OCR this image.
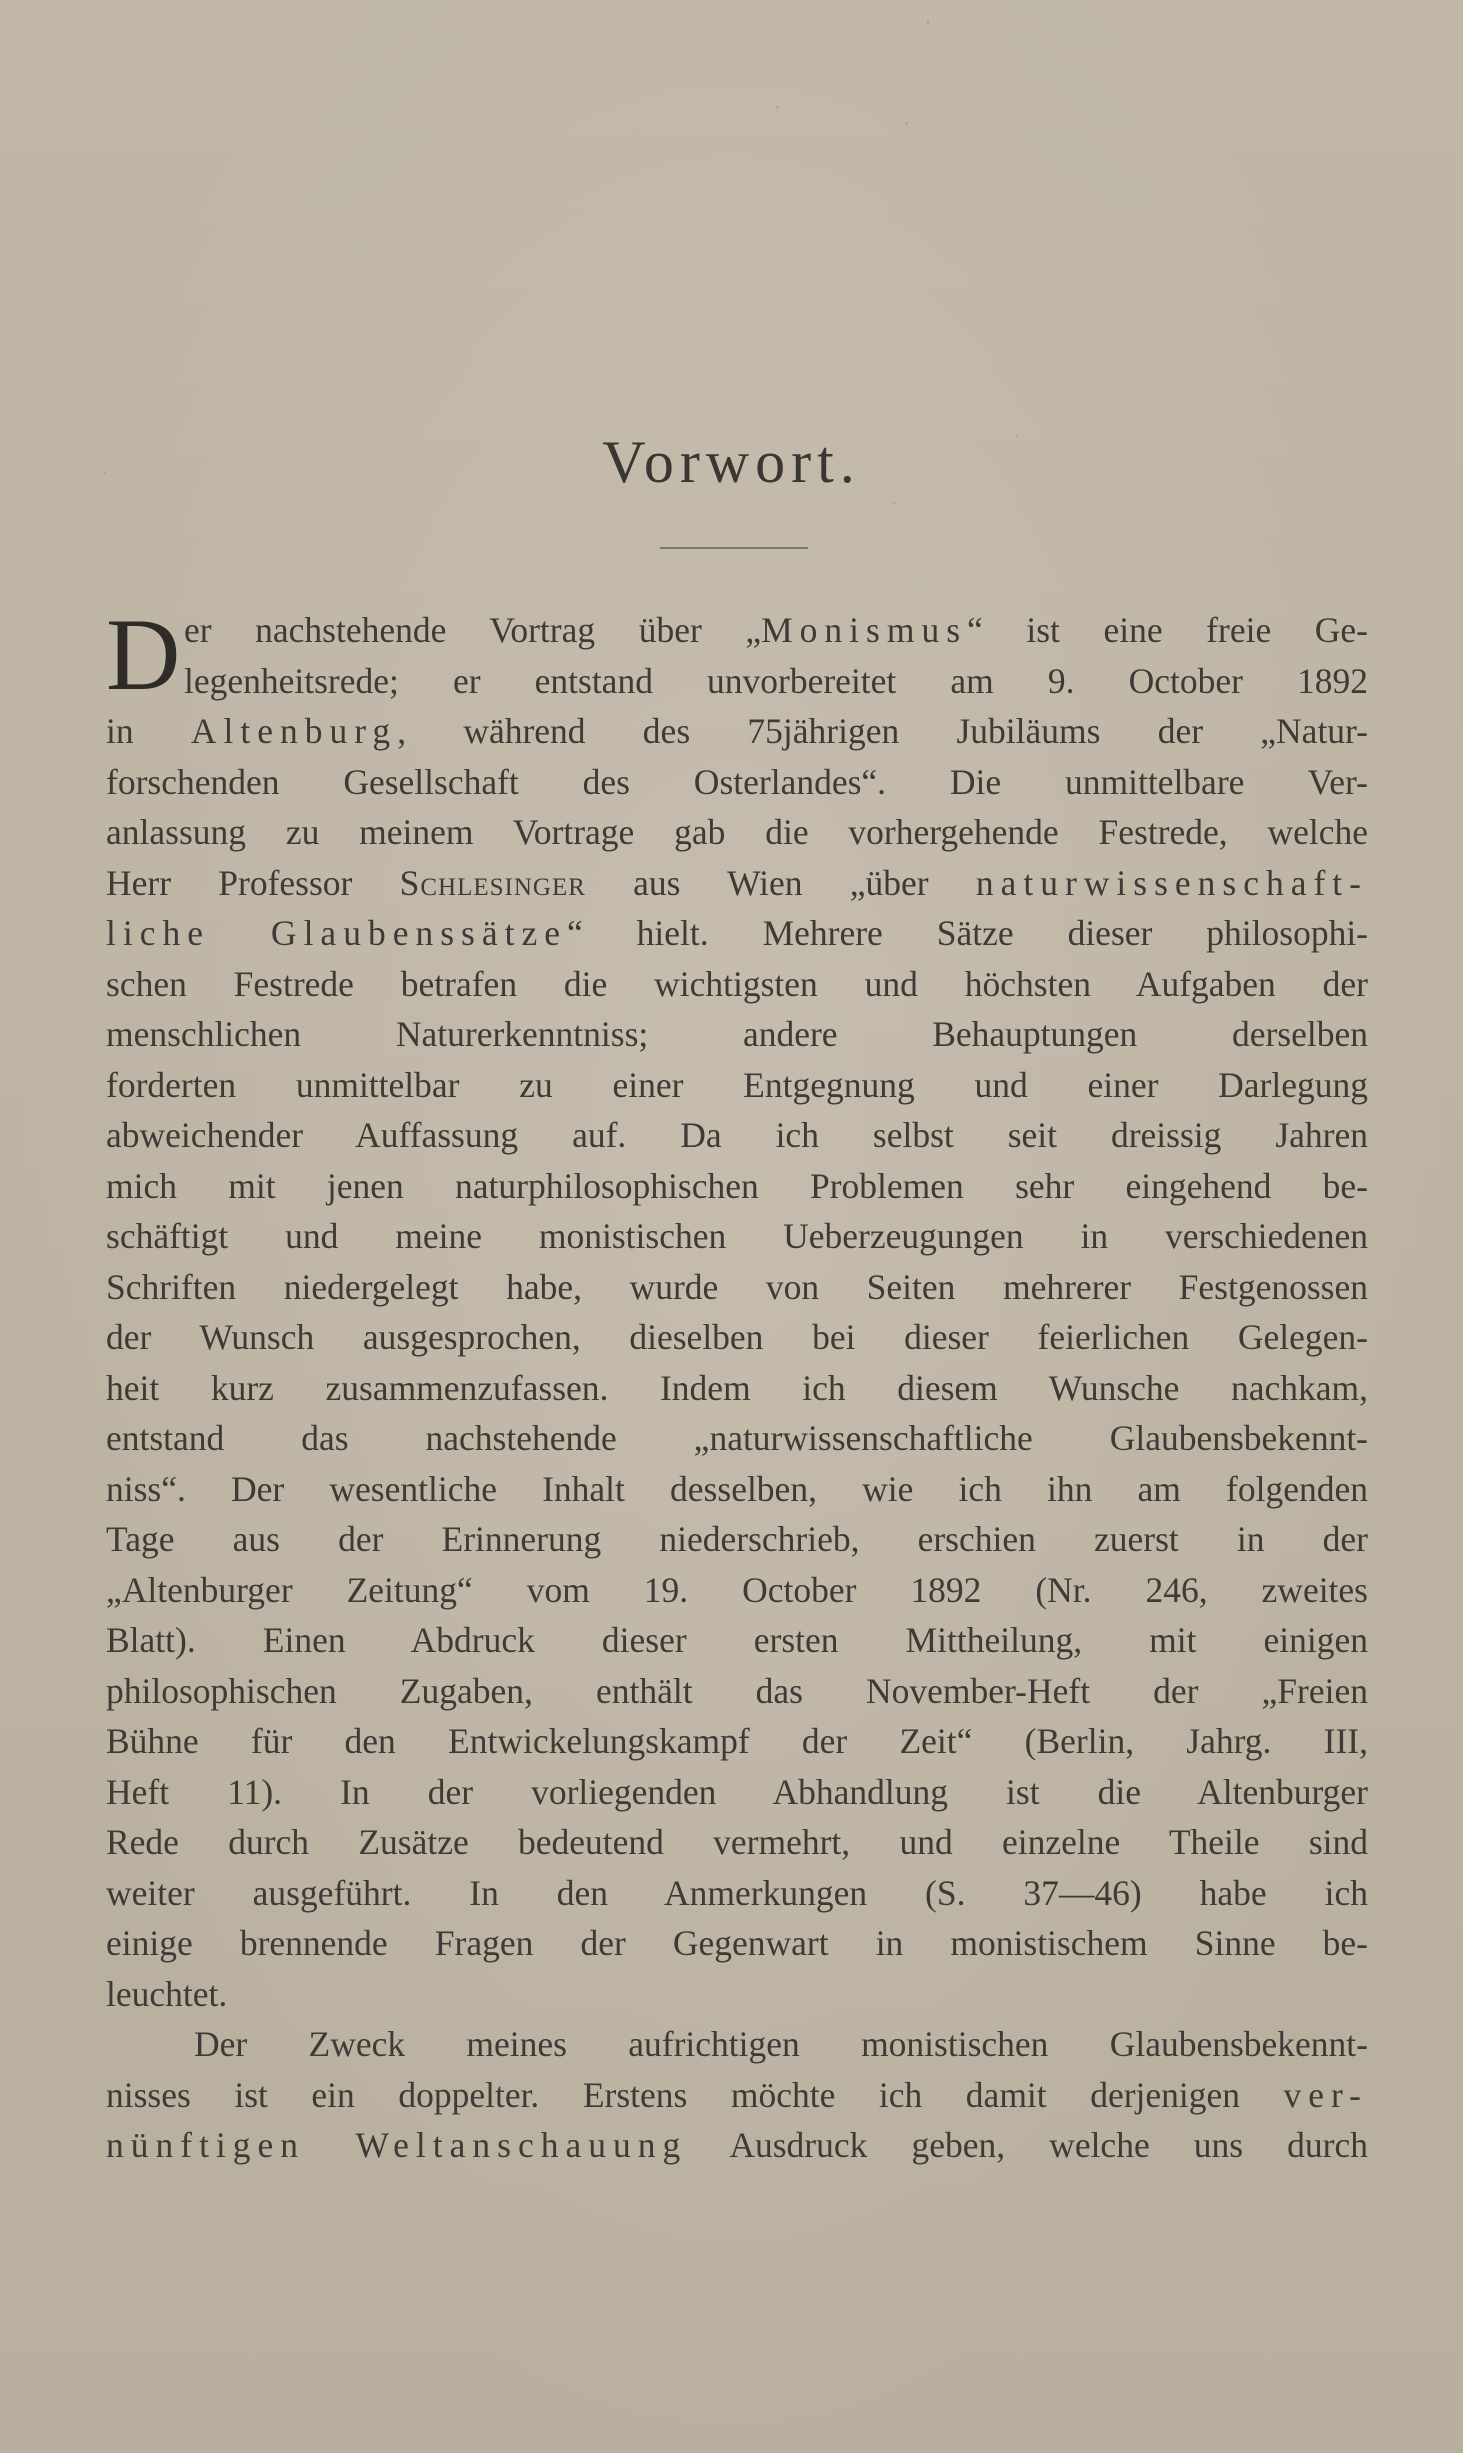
Vorwort.
D er nachstehende Vortrag über „Monismus“ ist eine freie Ge-
legenheitsrede; er entstand unvorbereitet am 9. October 1892
in Altenburg, während des 75jährigen Jubiläums der „Natur-
forschenden Gesellschaft des Osterlandes“. Die unmittelbare Ver-
anlassung zu meinem Vortrage gab die vorhergehende Festrede, welche
Herr Professor Schlesinger aus Wien „über naturwissenschaft-
liche Glaubenssätze“ hielt. Mehrere Sätze dieser philosophi-
schen Festrede betrafen die wichtigsten und höchsten Aufgaben der
menschlichen Naturerkenntniss; andere Behauptungen derselben
forderten unmittelbar zu einer Entgegnung und einer Darlegung
abweichender Auffassung auf. Da ich selbst seit dreissig Jahren
mich mit jenen naturphilosophischen Problemen sehr eingehend be-
schäftigt und meine monistischen Ueberzeugungen in verschiedenen
Schriften niedergelegt habe, wurde von Seiten mehrerer Festgenossen
der Wunsch ausgesprochen, dieselben bei dieser feierlichen Gelegen-
heit kurz zusammenzufassen. Indem ich diesem Wunsche nachkam,
entstand das nachstehende „naturwissenschaftliche Glaubensbekennt-
niss“. Der wesentliche Inhalt desselben, wie ich ihn am folgenden
Tage aus der Erinnerung niederschrieb, erschien zuerst in der
„Altenburger Zeitung“ vom 19. October 1892 (Nr. 246, zweites
Blatt). Einen Abdruck dieser ersten Mittheilung, mit einigen
philosophischen Zugaben, enthält das November-Heft der „Freien
Bühne für den Entwickelungskampf der Zeit“ (Berlin, Jahrg. III,
Heft 11). In der vorliegenden Abhandlung ist die Altenburger
Rede durch Zusätze bedeutend vermehrt, und einzelne Theile sind
weiter ausgeführt. In den Anmerkungen (S. 37—46) habe ich
einige brennende Fragen der Gegenwart in monistischem Sinne be-
leuchtet.
Der Zweck meines aufrichtigen monistischen Glaubensbekennt-
nisses ist ein doppelter. Erstens möchte ich damit derjenigen ver-
nünftigen Weltanschauung Ausdruck geben, welche uns durch
